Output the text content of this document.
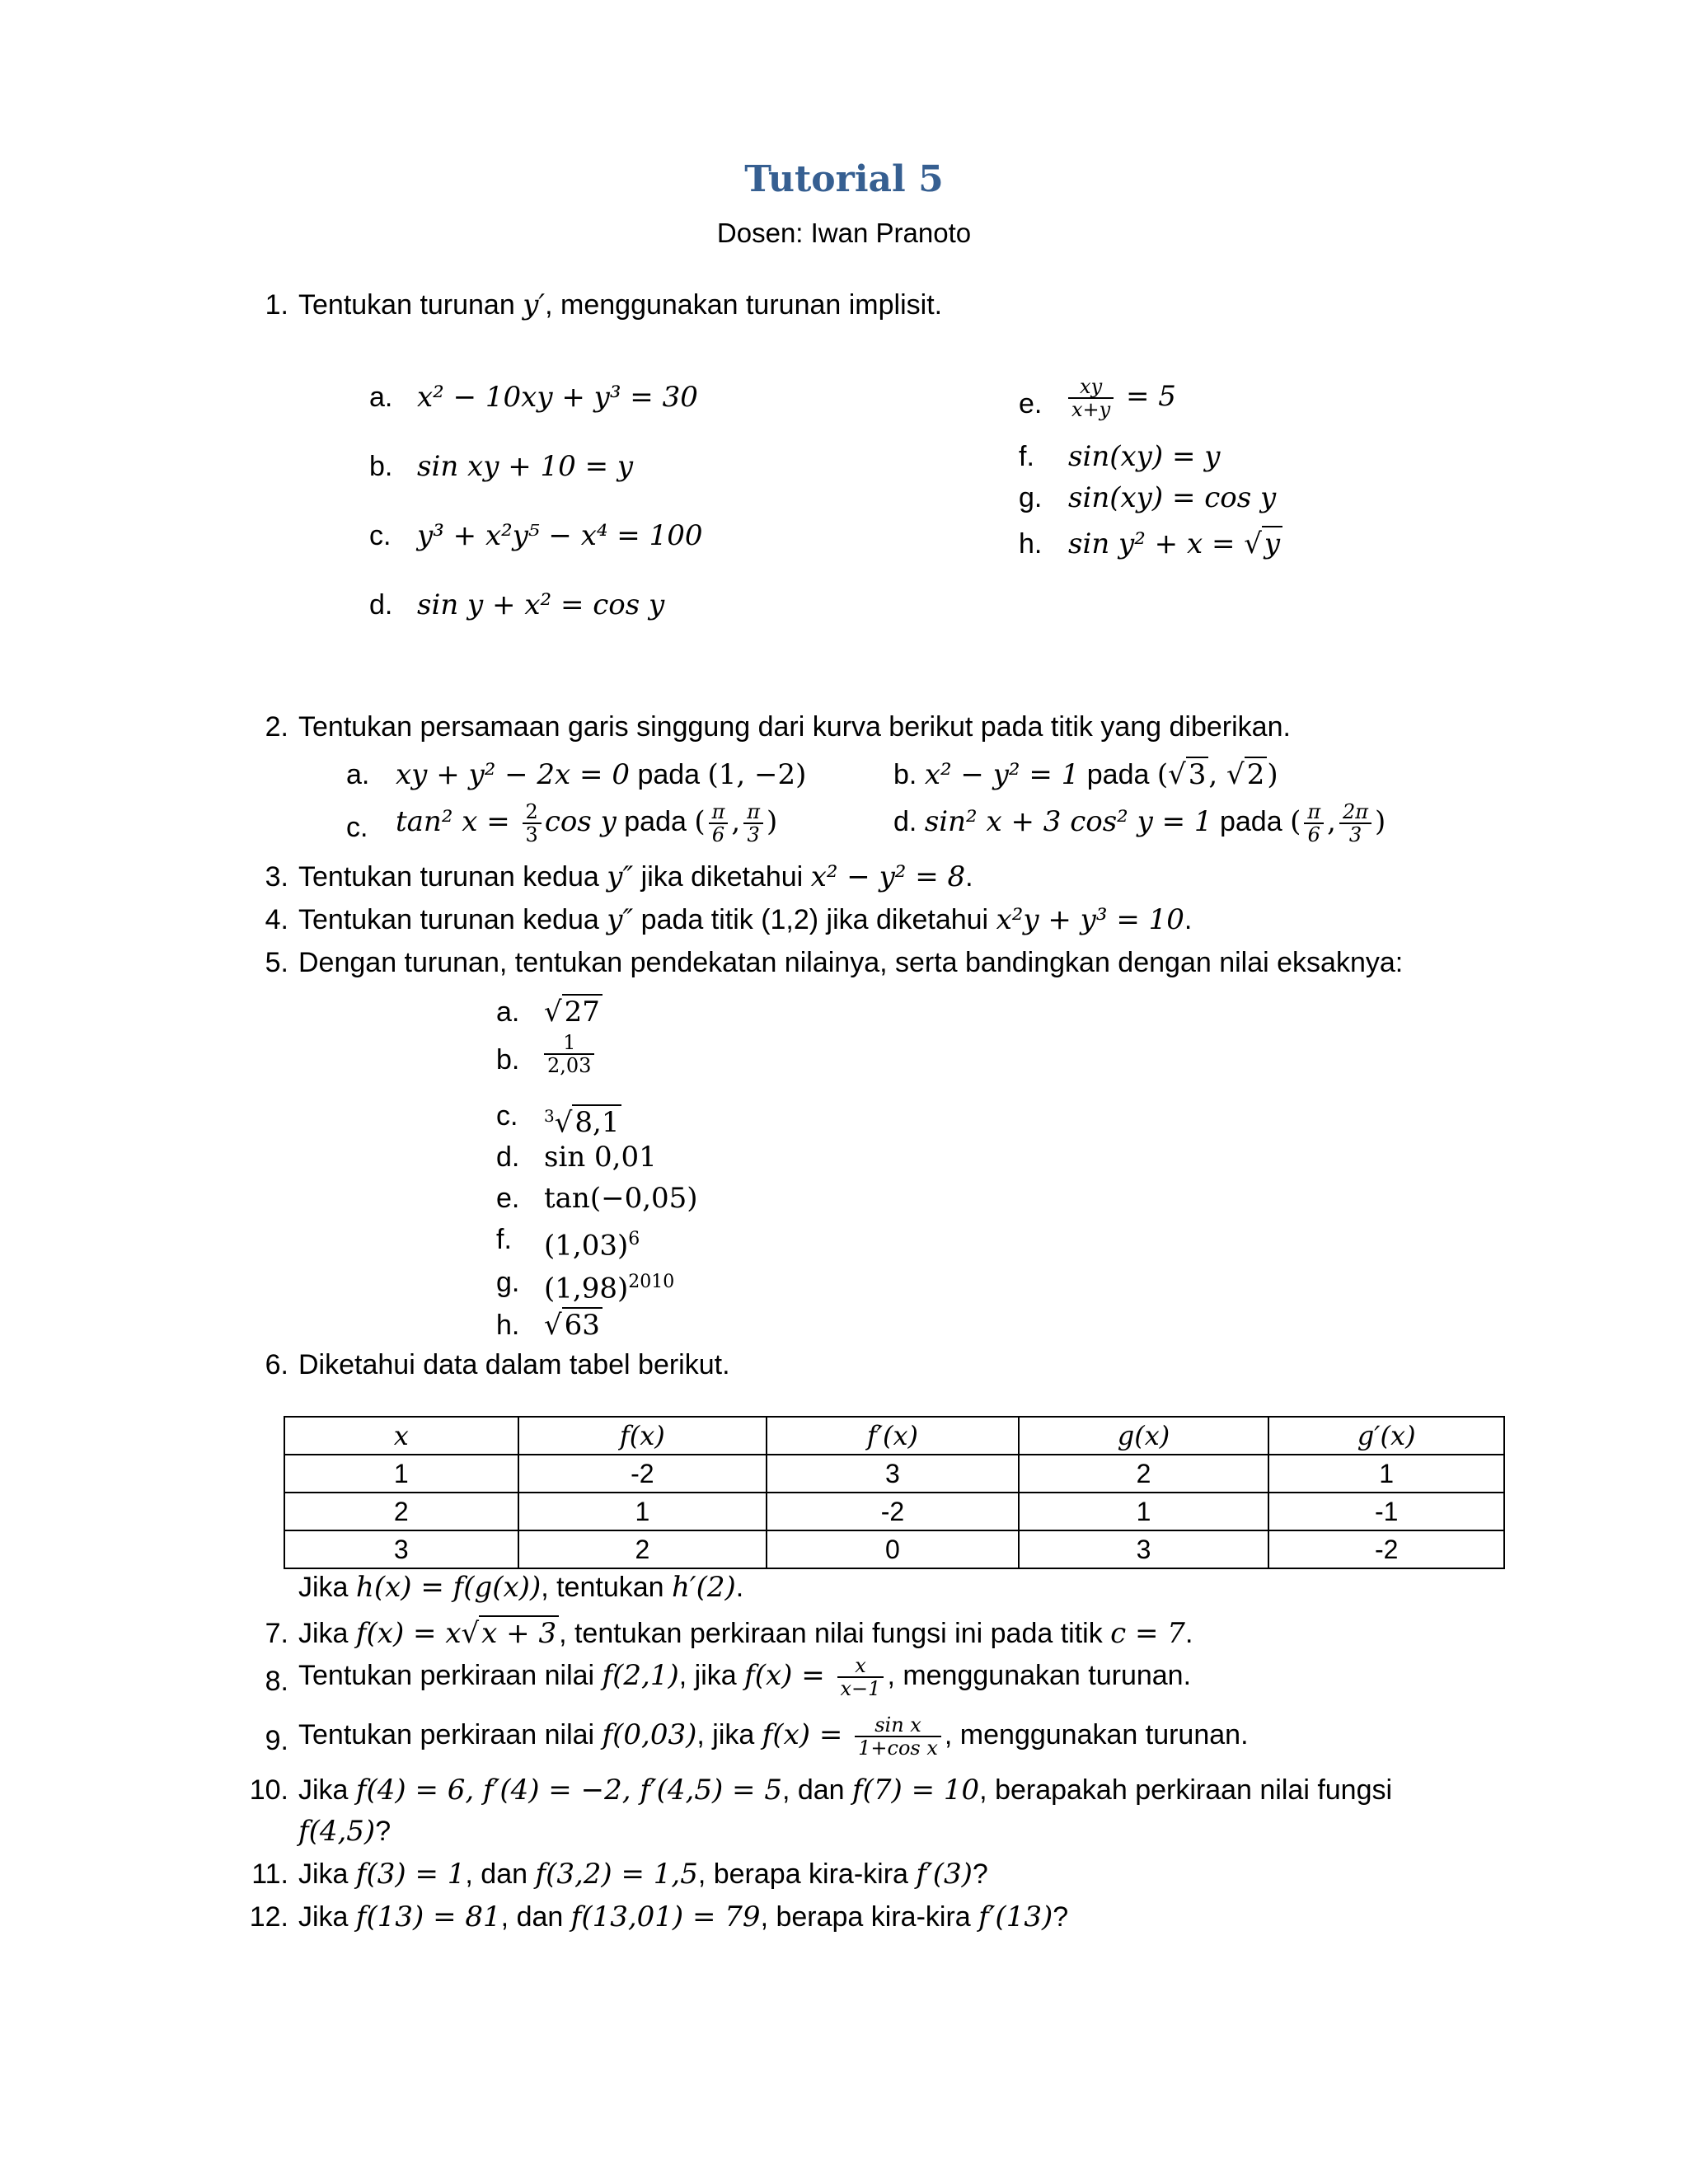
Tutorial 5
Dosen: Iwan Pranoto
1. Tentukan turunan y′, menggunakan turunan implisit.
a. x² − 10xy + y³ = 30
b. sin xy + 10 = y
c. y³ + x²y⁵ − x⁴ = 100
d. sin y + x² = cos y
e. $\frac{xy}{x+y} = 5$
f. sin(xy) = y
g. sin(xy) = cos y
h. sin y² + x = √y
2. Tentukan persamaan garis singgung dari kurva berikut pada titik yang diberikan.
a. xy + y² − 2x = 0 pada (1, −2)	b. x² − y² = 1 pada (√3, √2)
c. tan² $x = \frac{2}{3}$ cos y pada ( $\frac{\pi}{6}$ , $\frac{\pi}{3}$ )	d. sin² x + 3 cos² y = 1 pada ( $\frac{\pi}{6}$ , $\frac{2\pi}{3}$ )
3. Tentukan turunan kedua y″ jika diketahui x² − y² = 8.
4. Tentukan turunan kedua y″ pada titik (1,2) jika diketahui x²y + y³ = 10.
5. Dengan turunan, tentukan pendekatan nilainya, serta bandingkan dengan nilai eksaknya:
a. √27
b. $\frac{1}{2,03}$
c. $^3$√8,1
d. sin 0,01
e. tan(−0,05)
f. $(1,03)^6$
g. $(1,98)^{2010}$
h. √63
6. Diketahui data dalam tabel berikut.
x	f(x)	f′(x)	g(x)	g′(x)
1	-2	3	2	1
2	1	-2	1	-1
3	2	0	3	-2
Jika h(x) = f(g(x)), tentukan h′(2).
7. Jika f(x) = x√x + 3, tentukan perkiraan nilai fungsi ini pada titik c = 7.
8. Tentukan perkiraan nilai f(2,1), jika $f(x) = \frac{x}{x-1}$ , menggunakan turunan.
9. Tentukan perkiraan nilai f(0,03), jika $f(x) = \frac{\text{sin x}}{\text{1+cos x}}$ , menggunakan turunan.
10. Jika f(4) = 6, f′(4) = −2, f′(4,5) = 5, dan f(7) = 10, berapakah perkiraan nilai fungsi
f(4,5)?
11. Jika f(3) = 1, dan f(3,2) = 1,5, berapa kira-kira f′(3)?
12. Jika f(13) = 81, dan f(13,01) = 79, berapa kira-kira f′(13)?
